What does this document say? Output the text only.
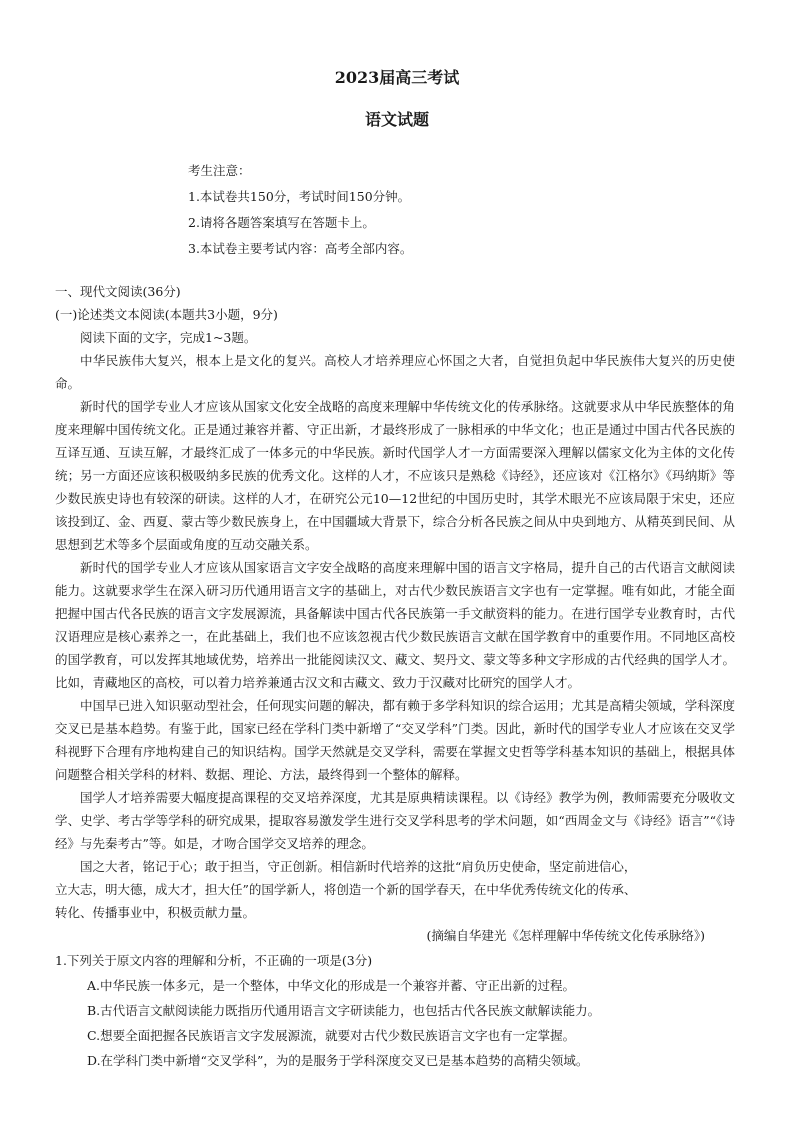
2023届高三考试
语文试题
考生注意：
1.本试卷共150分，考试时间150分钟。
2.请将各题答案填写在答题卡上。
3.本试卷主要考试内容：高考全部内容。

一、现代文阅读(36分)

(一)论述类文本阅读(本题共3小题，9分)

阅读下面的文字，完成1~3题。

中华民族伟大复兴，根本上是文化的复兴。高校人才培养理应心怀国之大者，自觉担负起中华民族伟大复兴的历史使命。

新时代的国学专业人才应该从国家文化安全战略的高度来理解中华传统文化的传承脉络。这就要求从中华民族整体的角度来理解中国传统文化。正是通过兼容并蓄、守正出新，才最终形成了一脉相承的中华文化；也正是通过中国古代各民族的互译互通、互读互解，才最终汇成了一体多元的中华民族。新时代国学人才一方面需要深入理解以儒家文化为主体的文化传统；另一方面还应该积极吸纳多民族的优秀文化。这样的人才，不应该只是熟稔《诗经》，还应该对《江格尔》《玛纳斯》等少数民族史诗也有较深的研读。这样的人才，在研究公元10—12世纪的中国历史时，其学术眼光不应该局限于宋史，还应该投到辽、金、西夏、蒙古等少数民族身上，在中国疆域大背景下，综合分析各民族之间从中央到地方、从精英到民间、从思想到艺术等多个层面或角度的互动交融关系。

新时代的国学专业人才应该从国家语言文字安全战略的高度来理解中国的语言文字格局，提升自己的古代语言文献阅读能力。这就要求学生在深入研习历代通用语言文字的基础上，对古代少数民族语言文字也有一定掌握。唯有如此，才能全面把握中国古代各民族的语言文字发展源流，具备解读中国古代各民族第一手文献资料的能力。在进行国学专业教育时，古代汉语理应是核心素养之一，在此基础上，我们也不应该忽视古代少数民族语言文献在国学教育中的重要作用。不同地区高校的国学教育，可以发挥其地域优势，培养出一批能阅读汉文、藏文、契丹文、蒙文等多种文字形成的古代经典的国学人才。比如，青藏地区的高校，可以着力培养兼通古汉文和古藏文、致力于汉藏对比研究的国学人才。

中国早已进入知识驱动型社会，任何现实问题的解决，都有赖于多学科知识的综合运用；尤其是高精尖领域，学科深度交叉已是基本趋势。有鉴于此，国家已经在学科门类中新增了“交叉学科”门类。因此，新时代的国学专业人才应该在交叉学科视野下合理有序地构建自己的知识结构。国学天然就是交叉学科，需要在掌握文史哲等学科基本知识的基础上，根据具体问题整合相关学科的材料、数据、理论、方法，最终得到一个整体的解释。

国学人才培养需要大幅度提高课程的交叉培养深度，尤其是原典精读课程。以《诗经》教学为例，教师需要充分吸收文学、史学、考古学等学科的研究成果，提取容易激发学生进行交叉学科思考的学术问题，如“西周金文与《诗经》语言”“《诗经》与先秦考古”等。如是，才吻合国学交叉培养的理念。

国之大者，铭记于心；敢于担当，守正创新。相信新时代培养的这批“肩负历史使命，坚定前进信心，

立大志，明大德，成大才，担大任”的国学新人，将创造一个新的国学春天，在中华优秀传统文化的传承、

转化、传播事业中，积极贡献力量。

(摘编自华建光《怎样理解中华传统文化传承脉络》)

1.下列关于原文内容的理解和分析，不正确的一项是(3分)

A.中华民族一体多元，是一个整体，中华文化的形成是一个兼容并蓄、守正出新的过程。

B.古代语言文献阅读能力既指历代通用语言文字研读能力，也包括古代各民族文献解读能力。

C.想要全面把握各民族语言文字发展源流，就要对古代少数民族语言文字也有一定掌握。

D.在学科门类中新增“交叉学科”，为的是服务于学科深度交叉已是基本趋势的高精尖领域。
